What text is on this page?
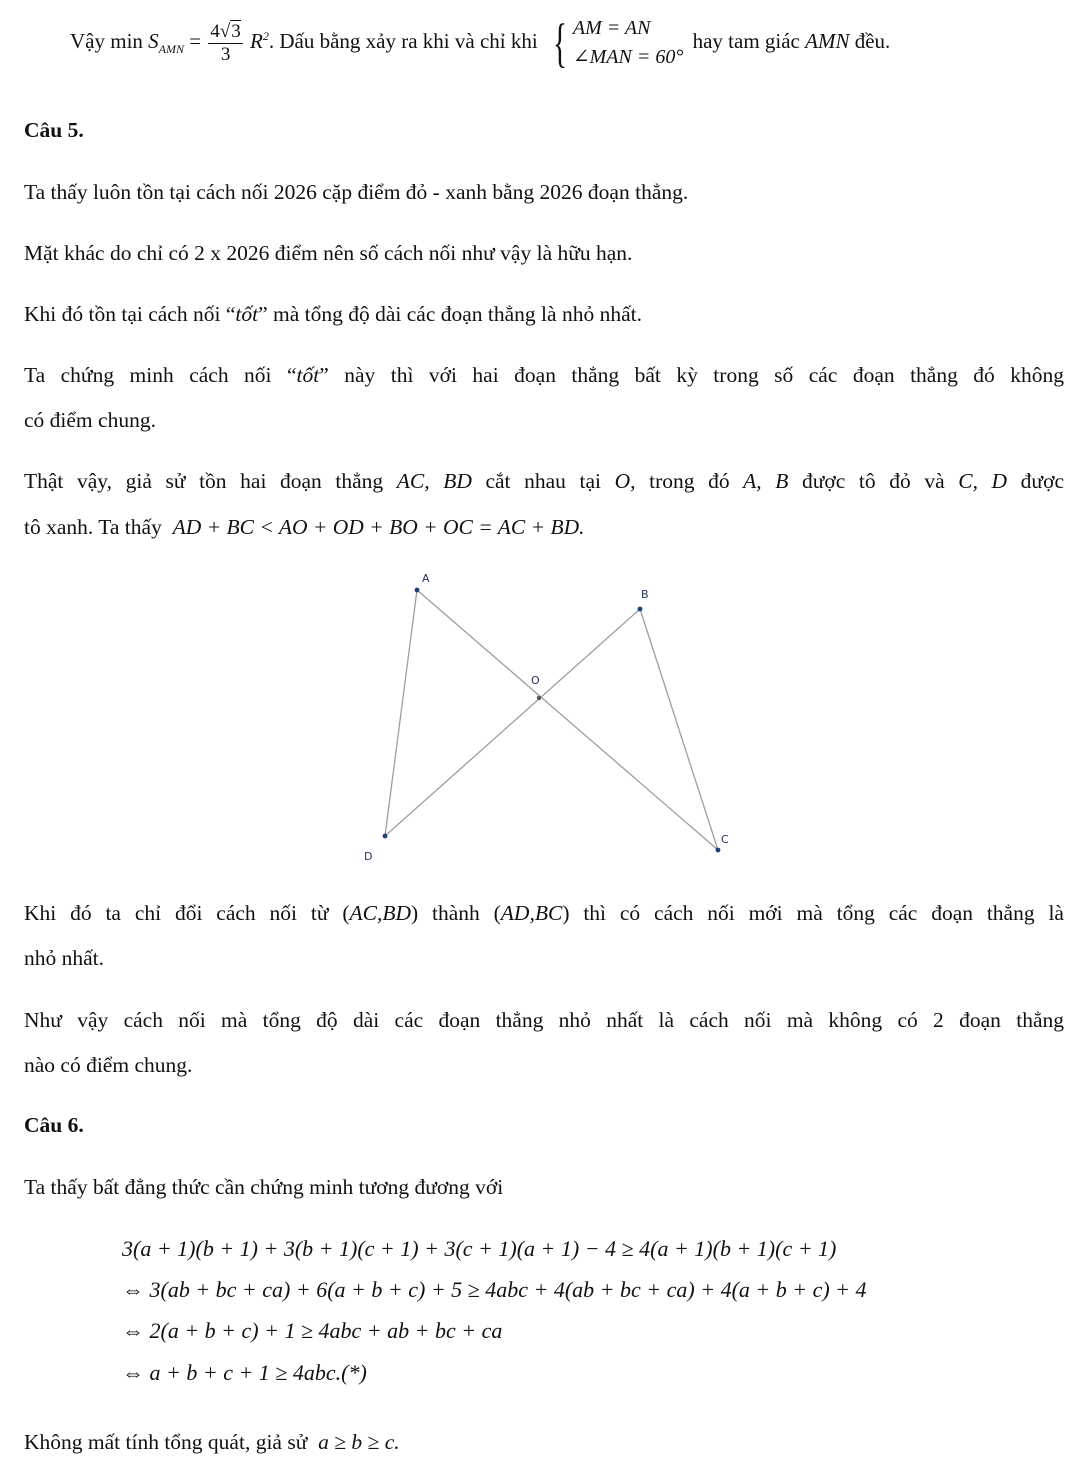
Vậy $\min S_{AMN} = \frac{4√3}{3} R^2$. Dấu bằng xảy ra khi và chỉ khi { AM = AN
∠MAN = 60°
hay tam giác AMN đều.
Câu 5.
Ta thấy luôn tồn tại cách nối 2026 cặp điểm đỏ - xanh bằng 2026 đoạn thẳng.
Mặt khác do chỉ có 2 x 2026 điểm nên số cách nối như vậy là hữu hạn.
Khi đó tồn tại cách nối “tốt” mà tổng độ dài các đoạn thẳng là nhỏ nhất.
Ta chứng minh cách nối “tốt” này thì với hai đoạn thẳng bất kỳ trong số các đoạn thẳng đó không
có điểm chung.
Thật vậy, giả sử tồn hai đoạn thẳng AC, BD cắt nhau tại O, trong đó A, B được tô đỏ và C, D được
tô xanh. Ta thấy AD + BC < AO + OD + BO + OC = AC + BD.
A
B
O
D
C
Khi đó ta chỉ đổi cách nối từ (AC,BD) thành (AD,BC) thì có cách nối mới mà tổng các đoạn thẳng là
nhỏ nhất.
Như vậy cách nối mà tổng độ dài các đoạn thẳng nhỏ nhất là cách nối mà không có 2 đoạn thẳng
nào có điểm chung.
Câu 6.
Ta thấy bất đẳng thức cần chứng minh tương đương với
3(a + 1)(b + 1) + 3(b + 1)(c + 1) + 3(c + 1)(a + 1) − 4 ≥ 4(a + 1)(b + 1)(c + 1)
⇔ 3(ab + bc + ca) + 6(a + b + c) + 5 ≥ 4abc + 4(ab + bc + ca) + 4(a + b + c) + 4
⇔ 2(a + b + c) + 1 ≥ 4abc + ab + bc + ca
⇔ a + b + c + 1 ≥ 4abc.(*)
Không mất tính tổng quát, giả sử a ≥ b ≥ c.
